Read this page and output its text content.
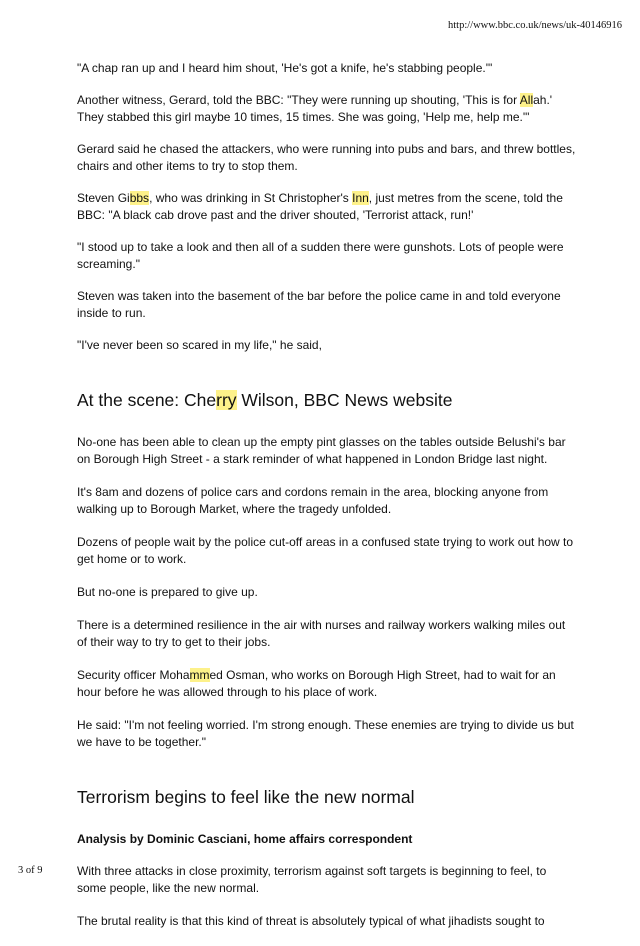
http://www.bbc.co.uk/news/uk-40146916

"A chap ran up and I heard him shout, 'He's got a knife, he's stabbing people.'"

Another witness, Gerard, told the BBC: "They were running up shouting, 'This is for Allah.' They stabbed this girl maybe 10 times, 15 times. She was going, 'Help me, help me.'"

Gerard said he chased the attackers, who were running into pubs and bars, and threw bottles, chairs and other items to try to stop them.

Steven Gibbs, who was drinking in St Christopher's Inn, just metres from the scene, told the BBC: "A black cab drove past and the driver shouted, 'Terrorist attack, run!'

"I stood up to take a look and then all of a sudden there were gunshots. Lots of people were screaming."

Steven was taken into the basement of the bar before the police came in and told everyone inside to run.

"I've never been so scared in my life," he said,

At the scene: Cherry Wilson, BBC News website

No-one has been able to clean up the empty pint glasses on the tables outside Belushi's bar on Borough High Street - a stark reminder of what happened in London Bridge last night.

It's 8am and dozens of police cars and cordons remain in the area, blocking anyone from walking up to Borough Market, where the tragedy unfolded.

Dozens of people wait by the police cut-off areas in a confused state trying to work out how to get home or to work.

But no-one is prepared to give up.

There is a determined resilience in the air with nurses and railway workers walking miles out of their way to try to get to their jobs.

Security officer Mohammed Osman, who works on Borough High Street, had to wait for an hour before he was allowed through to his place of work.

He said: "I'm not feeling worried. I'm strong enough. These enemies are trying to divide us but we have to be together."

Terrorism begins to feel like the new normal

Analysis by Dominic Casciani, home affairs correspondent

With three attacks in close proximity, terrorism against soft targets is beginning to feel, to some people, like the new normal.

The brutal reality is that this kind of threat is absolutely typical of what jihadists sought to

3 of 9
